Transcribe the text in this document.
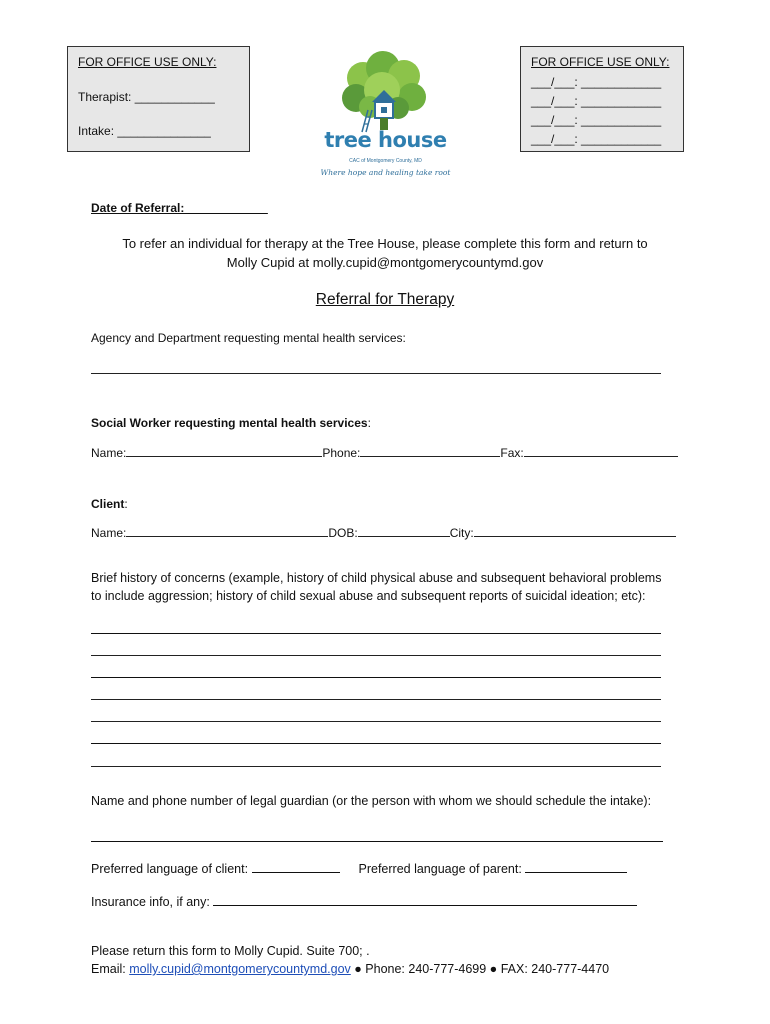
FOR OFFICE USE ONLY:
Therapist: ____________
Intake: ______________
FOR OFFICE USE ONLY:
___/___: ____________
___/___: ____________
___/___: ____________
___/___: ____________
tree house
CAC of Montgomery County, MD
Where hope and healing take root
Date of Referral: ____________
To refer an individual for therapy at the Tree House, please complete this form and return to
Molly Cupid at molly.cupid@montgomerycountymd.gov
Referral for Therapy
Agency and Department requesting mental health services:
Social Worker requesting mental health services:
Name:	Phone:	Fax:
Client:
Name:	DOB:	City:
Brief history of concerns (example, history of child physical abuse and subsequent behavioral problems
to include aggression; history of child sexual abuse and subsequent reports of suicidal ideation; etc):
Name and phone number of legal guardian (or the person with whom we should schedule the intake):
Preferred language of client:	Preferred language of parent:
Insurance info, if any:
Please return this form to Molly Cupid. Suite 700; .
Email: molly.cupid@montgomerycountymd.gov ● Phone: 240-777-4699 ● FAX: 240-777-4470
